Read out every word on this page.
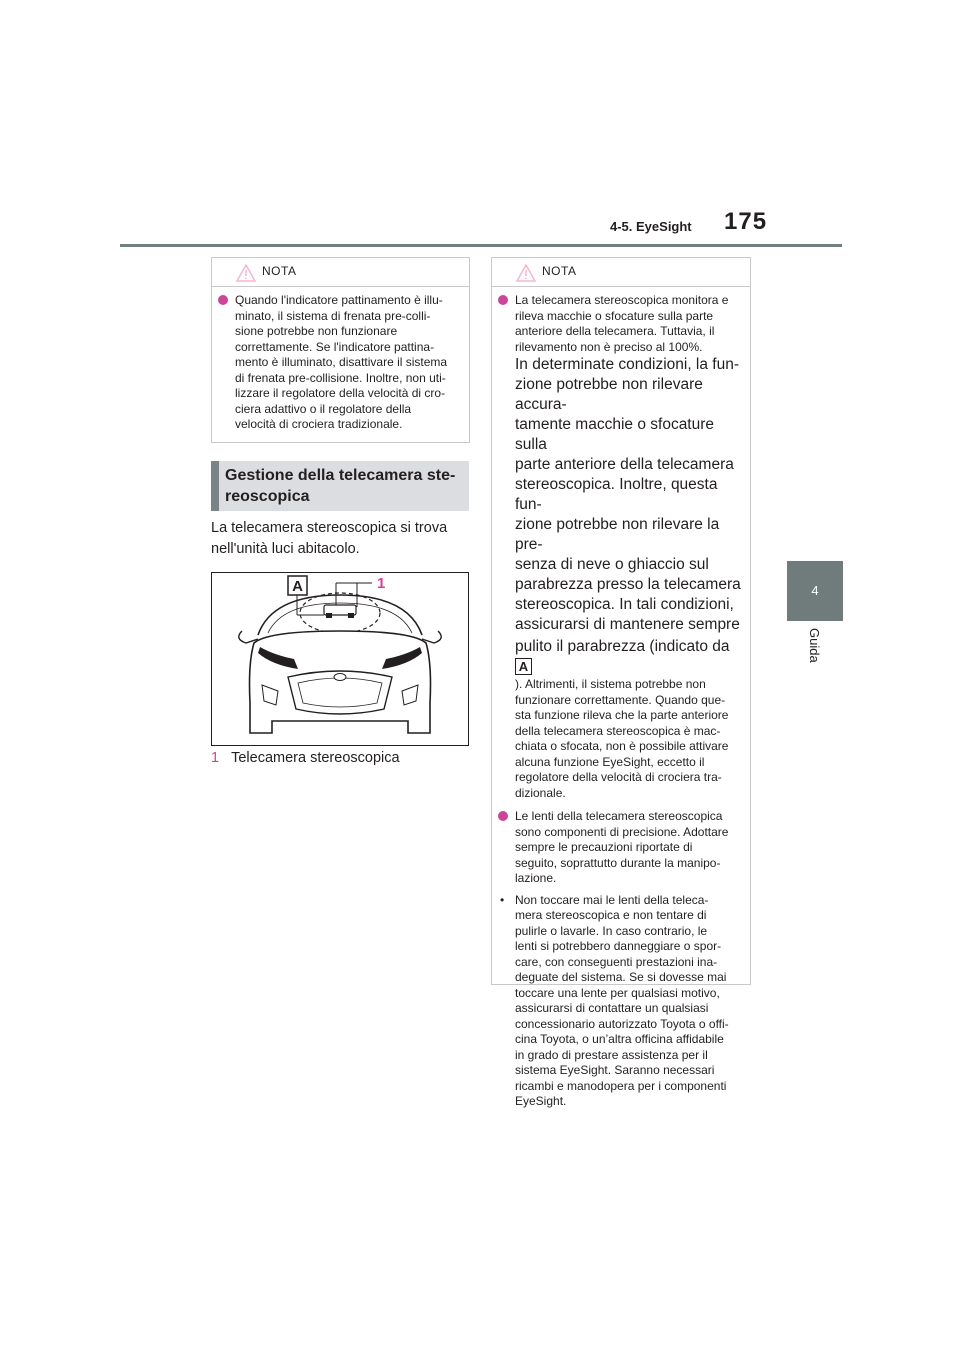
4-5. EyeSight 175
4
Guida
NOTA
Quando l'indicatore pattinamento è illu-
minato, il sistema di frenata pre-colli-
sione potrebbe non funzionare
correttamente. Se l'indicatore pattina-
mento è illuminato, disattivare il sistema
di frenata pre-collisione. Inoltre, non uti-
lizzare il regolatore della velocità di cro-
ciera adattivo o il regolatore della
velocità di crociera tradizionale.
Gestione della telecamera ste-
reoscopica
La telecamera stereoscopica si trova
nell'unità luci abitacolo.
A	1
1 Telecamera stereoscopica
NOTA
La telecamera stereoscopica monitora e
rileva macchie o sfocature sulla parte
anteriore della telecamera. Tuttavia, il
rilevamento non è preciso al 100%.
In determinate condizioni, la fun-
zione potrebbe non rilevare accura-
tamente macchie o sfocature sulla
parte anteriore della telecamera
stereoscopica. Inoltre, questa fun-
zione potrebbe non rilevare la pre-
senza di neve o ghiaccio sul
parabrezza presso la telecamera
stereoscopica. In tali condizioni,
assicurarsi di mantenere sempre
pulito il parabrezza (indicato da A
). Altrimenti, il sistema potrebbe non
funzionare correttamente. Quando que-
sta funzione rileva che la parte anteriore
della telecamera stereoscopica è mac-
chiata o sfocata, non è possibile attivare
alcuna funzione EyeSight, eccetto il
regolatore della velocità di crociera tra-
dizionale.
Le lenti della telecamera stereoscopica
sono componenti di precisione. Adottare
sempre le precauzioni riportate di
seguito, soprattutto durante la manipo-
lazione.
• Non toccare mai le lenti della teleca-
mera stereoscopica e non tentare di
pulirle o lavarle. In caso contrario, le
lenti si potrebbero danneggiare o spor-
care, con conseguenti prestazioni ina-
deguate del sistema. Se si dovesse mai
toccare una lente per qualsiasi motivo,
assicurarsi di contattare un qualsiasi
concessionario autorizzato Toyota o offi-
cina Toyota, o un’altra officina affidabile
in grado di prestare assistenza per il
sistema EyeSight. Saranno necessari
ricambi e manodopera per i componenti
EyeSight.
